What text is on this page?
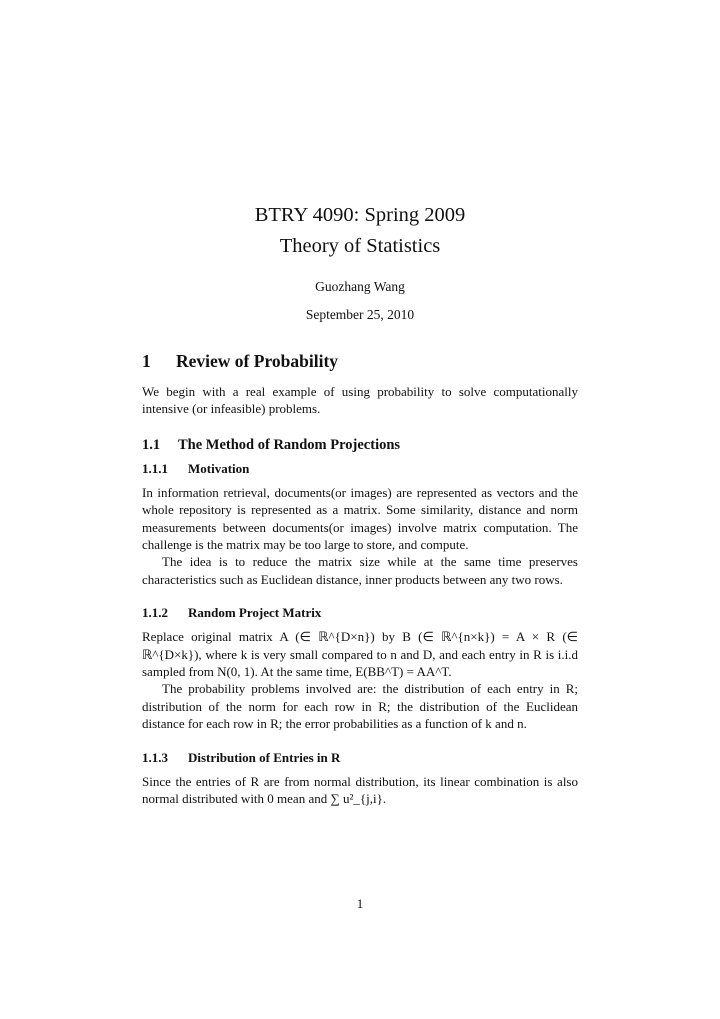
BTRY 4090: Spring 2009
Theory of Statistics
Guozhang Wang
September 25, 2010
1 Review of Probability

We begin with a real example of using probability to solve computationally intensive (or infeasible) problems.

1.1 The Method of Random Projections
1.1.1 Motivation

In information retrieval, documents(or images) are represented as vectors and the whole repository is represented as a matrix. Some similarity, distance and norm measurements between documents(or images) involve matrix computation. The challenge is the matrix may be too large to store, and compute.

The idea is to reduce the matrix size while at the same time preserves characteristics such as Euclidean distance, inner products between any two rows.

1.1.2 Random Project Matrix

Replace original matrix A (∈ ℝ^{D×n}) by B (∈ ℝ^{n×k}) = A × R (∈ ℝ^{D×k}), where k is very small compared to n and D, and each entry in R is i.i.d sampled from N(0, 1). At the same time, E(BB^T) = AA^T.

The probability problems involved are: the distribution of each entry in R; distribution of the norm for each row in R; the distribution of the Euclidean distance for each row in R; the error probabilities as a function of k and n.

1.1.3 Distribution of Entries in R

Since the entries of R are from normal distribution, its linear combination is also normal distributed with 0 mean and ∑ u²_{j,i}.

1
